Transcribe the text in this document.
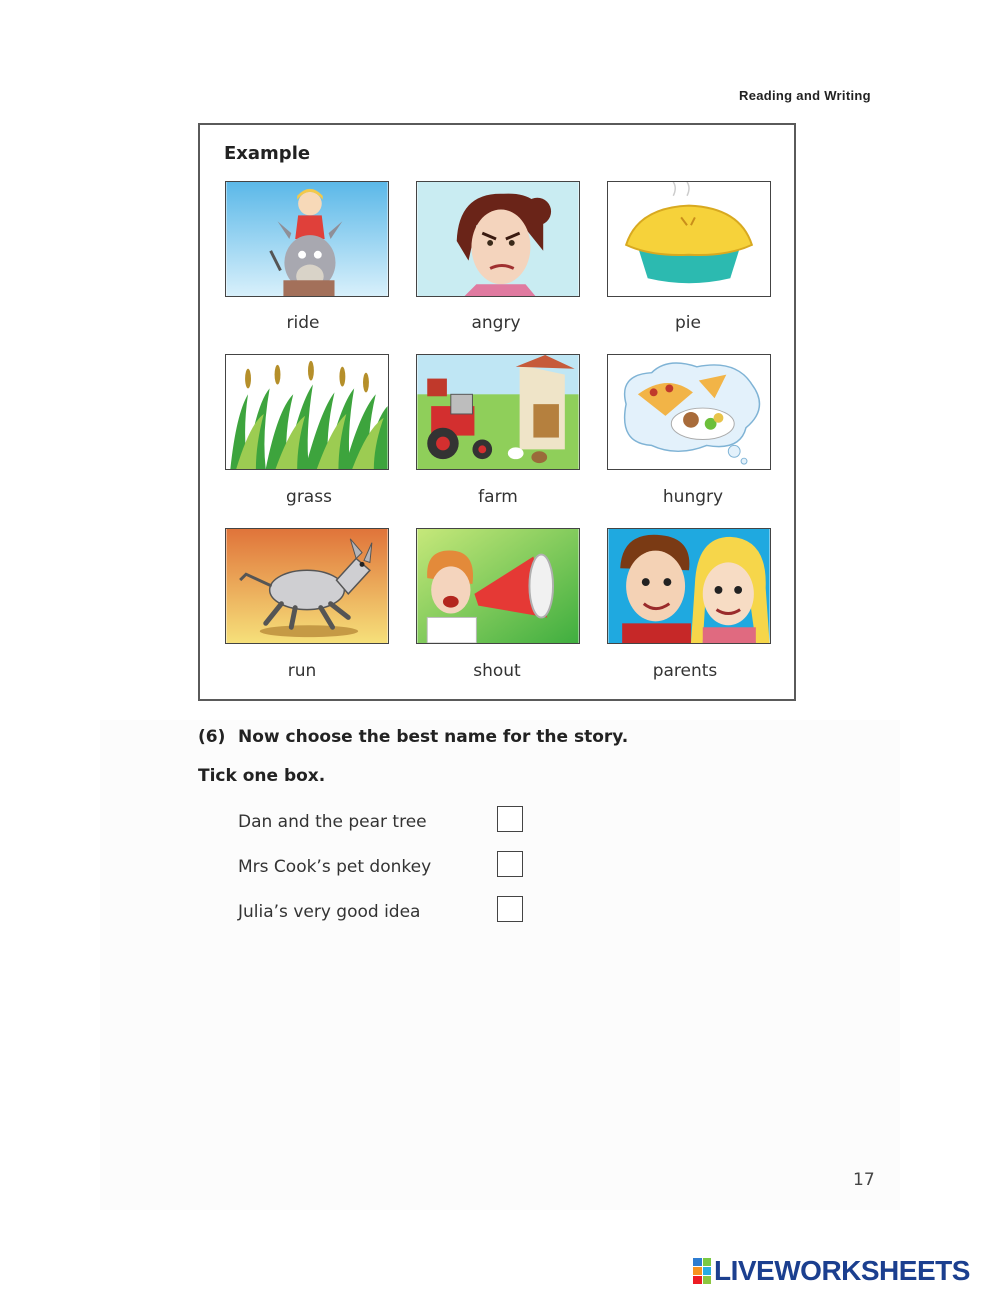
Reading and Writing
Example
ride	angry	pie
grass	farm	hungry
run	shout	parents
(6) Now choose the best name for the story.
Tick one box.
Dan and the pear tree
Mrs Cook’s pet donkey
Julia’s very good idea
17
LIVEWORKSHEETS
